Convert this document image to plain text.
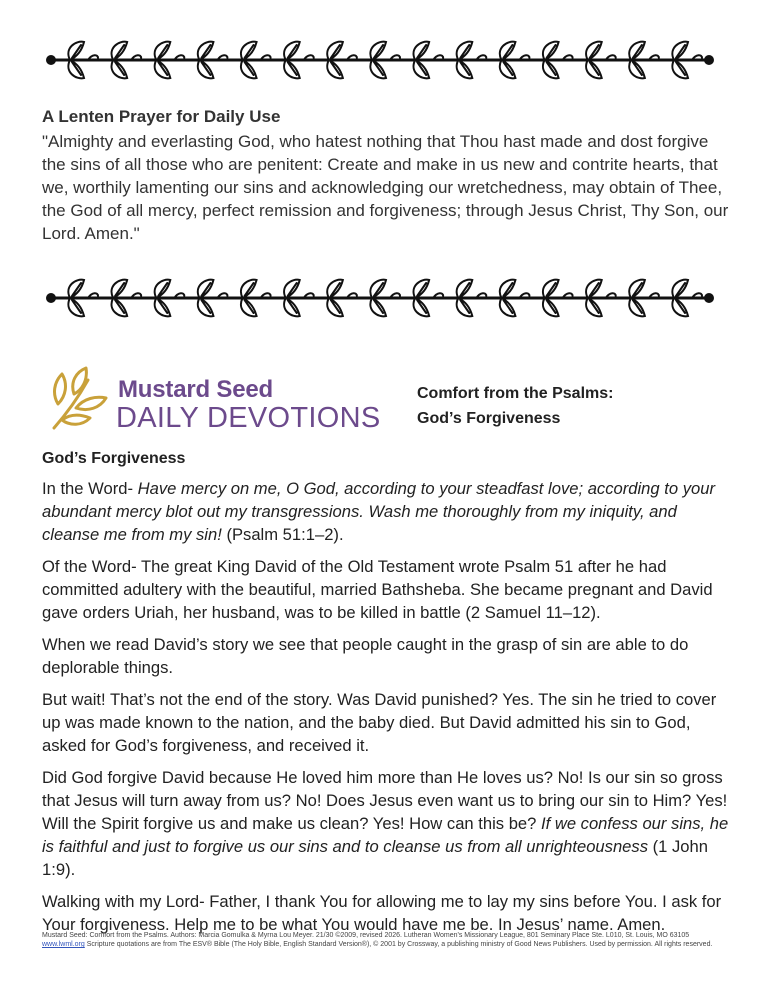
A Lenten Prayer for Daily Use

"Almighty and everlasting God, who hatest nothing that Thou hast made and dost forgive the sins of all those who are penitent: Create and make in us new and contrite hearts, that we, worthily lamenting our sins and acknowledging our wretchedness, may obtain of Thee, the God of all mercy, perfect remission and forgiveness; through Jesus Christ, Thy Son, our Lord. Amen."

Mustard Seed
DAILY DEVOTIONS
Comfort from the Psalms:
God’s Forgiveness
God’s Forgiveness

In the Word- Have mercy on me, O God, according to your steadfast love; according to your abundant mercy blot out my transgressions. Wash me thoroughly from my iniquity, and cleanse me from my sin! (Psalm 51:1–2).

Of the Word- The great King David of the Old Testament wrote Psalm 51 after he had committed adultery with the beautiful, married Bathsheba. She became pregnant and David gave orders Uriah, her husband, was to be killed in battle (2 Samuel 11–12).

When we read David’s story we see that people caught in the grasp of sin are able to do deplorable things.

But wait! That’s not the end of the story. Was David punished? Yes. The sin he tried to cover up was made known to the nation, and the baby died. But David admitted his sin to God, asked for God’s forgiveness, and received it.

Did God forgive David because He loved him more than He loves us? No! Is our sin so gross that Jesus will turn away from us? No! Does Jesus even want us to bring our sin to Him? Yes! Will the Spirit forgive us and make us clean? Yes! How can this be? If we confess our sins, he is faithful and just to forgive us our sins and to cleanse us from all unrighteousness (1 John 1:9).

Walking with my Lord- Father, I thank You for allowing me to lay my sins before You. I ask for Your forgiveness. Help me to be what You would have me be. In Jesus’ name. Amen.

Mustard Seed: Comfort from the Psalms. Authors: Marcia Gomulka & Myrna Lou Meyer. 21/30 ©2009, revised 2026. Lutheran Women's Missionary League, 801 Seminary Place Ste. L010, St. Louis, MO 63105 www.lwml.org Scripture quotations are from The ESV® Bible (The Holy Bible, English Standard Version®), © 2001 by Crossway, a publishing ministry of Good News Publishers. Used by permission. All rights reserved.
